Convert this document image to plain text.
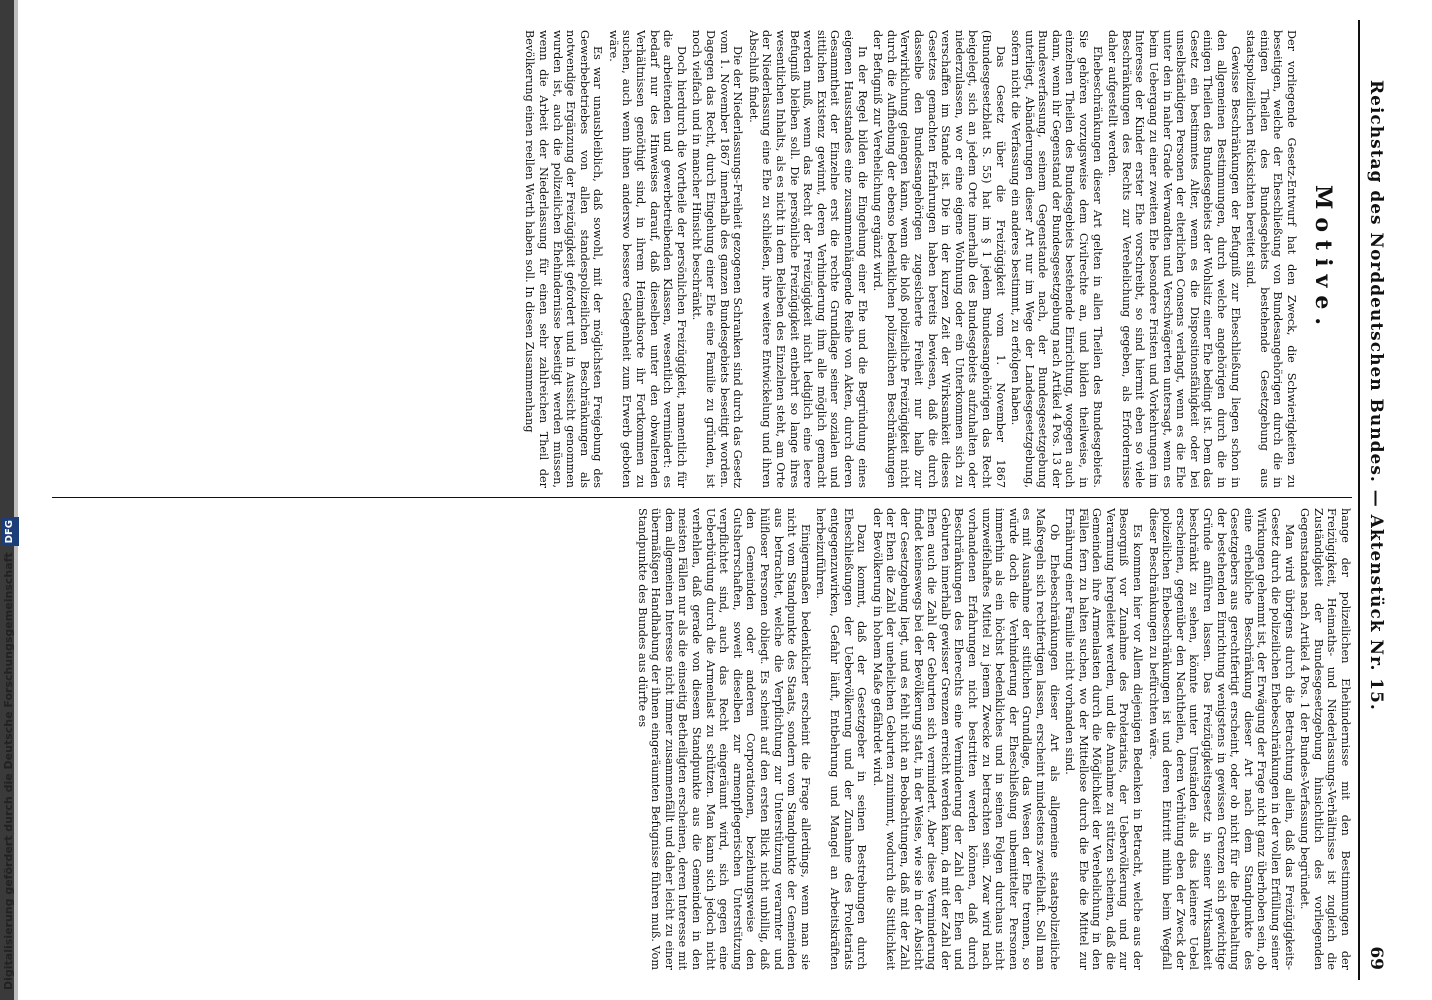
Digitalisierung gefördert durch die Deutsche ForschungsgemeinschaftDFG	Reichstag des Norddeutschen Bundes. — Aktenstück Nr. 15.
69
Motive.

Der vorliegende Gesetz-Entwurf hat den Zweck, die Schwierigkeiten zu beseitigen, welche der Eheschließung von Bundesangehörigen durch die in einigen Theilen des Bundesgebiets bestehende Gesetzgebung aus staatspolizeilichen Rücksichten bereitet sind.

Gewisse Beschränkungen der Befugniß zur Eheschließung liegen schon in den allgemeinen Bestimmungen, durch welche angehörigen durch die in einigen Theilen des Bundesgebiets der Wohlsitz einer Ehe bedingt ist. Dem das Gesetz ein bestimmtes Alter, wenn es die Dispositionsfähigkeit oder bei unselbständigen Personen der elterlichen Consens verlangt, wenn es die Ehe unter den in naher Grade Verwandten und Verschwägerten untersagt, wenn es beim Uebergang zu einer zweiten Ehe besondere Fristen und Vorkehrungen im Interesse der Kinder erster Ehe vorschreibt, so sind hiermit eben so viele Beschränkungen des Rechts zur Verehelichung gegeben, als Erfordernisse daher aufgestellt werden.

Ehebeschränkungen dieser Art gelten in allen Theilen des Bundesgebiets. Sie gehören vorzugsweise dem Civilrechte an, und bilden theilweise, in einzelnen Theilen des Bundesgebiets bestehende Einrichtung, wogegen auch dann, wenn ihr Gegenstand der Bundesgesetzgebung nach Artikel 4 Pos. 13 der Bundesverfassung, seinem Gegenstande nach, der Bundesgesetzgebung unterliegt, Abänderungen dieser Art nur im Wege der Landesgesetzgebung, sofern nicht die Verfassung ein anderes bestimmt, zu erfolgen haben.

Das Gesetz über die Freizügigkeit vom 1. November 1867 (Bundesgesetzblatt S. 55) hat im § 1 jedem Bundesangehörigen das Recht beigelegt, sich an jedem Orte innerhalb des Bundesgebiets aufzuhalten oder niederzulassen, wo er eine eigene Wohnung oder ein Unterkommen sich zu verschaffen im Stande ist. Die in der kurzen Zeit der Wirksamkeit dieses Gesetzes gemachten Erfahrungen haben bereits bewiesen, daß die durch dasselbe den Bundesangehörigen zugesicherte Freiheit nur halb zur Verwirklichung gelangen kann, wenn die bloß polizeiliche Freizügigkeit nicht durch die Aufhebung der ebenso bedenklichen polizeilichen Beschränkungen der Befugniß zur Verehelichung ergänzt wird.

In der Regel bilden die Eingehung einer Ehe und die Begründung eines eigenen Hausstandes eine zusammenhängende Reihe von Akten, durch deren Gesammtheit der Einzelne erst die rechte Grundlage seiner sozialen und sittlichen Existenz gewinnt, deren Verhinderung ihm alle möglich gemacht werden muß, wenn das Recht der Freizügigkeit nicht lediglich eine leere Befugniß bleiben soll. Die persönliche Freizügigkeit entbehrt so lange ihres wesentlichen Inhalts, als es nicht in dem Belieben des Einzelnen steht, am Orte der Niederlassung eine Ehe zu schließen, ihre weitere Entwickelung und ihren Abschluß findet.

Die der Niederlassungs-Freiheit gezogenen Schranken sind durch das Gesetz vom 1. November 1867 innerhalb des ganzen Bundesgebiets beseitigt worden. Dagegen das Recht, durch Eingehung einer Ehe eine Familie zu gründen, ist noch vielfach und in mancher Hinsicht beschränkt.

Doch hierdurch die Vortheile der persönlichen Freizügigkeit, namentlich für die arbeitenden und gewerbetreibenden Klassen, wesentlich vermindert: es bedarf nur des Hinweises darauf, daß dieselben unter den obwaltenden Verhältnissen genöthigt sind, in ihrem Heimathsorte ihr Fortkommen zu suchen, auch wenn ihnen anderswo bessere Gelegenheit zum Erwerb geboten wäre.

Es war unausbleiblich, daß sowohl, mit der möglichsten Freigebung des Gewerbebetriebes von allen standespolizeilichen Beschränkungen als notwendige Ergänzung der Freizügigkeit gefordert und in Aussicht genommen wurden ist, auch die polizeilichen Ehehindernisse beseitigt werden müssen, wenn die Arbeit der Niederlassung für einen sehr zahlreichen Theil der Bevölkerung einen reellen Werth haben soll. In diesen Zusammenhang

hange der polizeilichen Ehehindernisse mit den Bestimmungen der Freizügigkeit, Heimaths- und Niederlassungs-Verhältnisse ist zugleich die Zuständigkeit der Bundesgesetzgebung hinsichtlich des vorliegenden Gegenstandes nach Artikel 4 Pos. 1 der Bundes-Verfassung begründet.

Man wird übrigens durch die Betrachtung allein, daß das Freizügigkeits-Gesetz durch die polizeilichen Ehebeschränkungen in der vollen Erfüllung seiner Wirkungen gehemmt ist, der Erwägung der Frage nicht ganz überhoben sein, ob eine erhebliche Beschränkung dieser Art nach dem Standpunkte des Gesetzgebers aus gerechtfertigt erscheint, oder ob nicht für die Beibehaltung der bestehenden Einrichtung wenigstens in gewissen Grenzen sich gewichtige Gründe anführen lassen. Das Freizügigkeitsgesetz in seiner Wirksamkeit beschränkt zu sehen, könnte unter Umständen als das kleinere Uebel erscheinen, gegenüber den Nachtheilen, deren Verhütung eben der Zweck der polizeilichen Ehebeschränkungen ist und deren Eintritt mithin beim Wegfall dieser Beschränkungen zu befürchten wäre.

Es kommen hier vor Allem diejenigen Bedenken in Betracht, welche aus der Besorgniß vor Zunahme des Proletariats, der Uebervölkerung und zur Verarmung hergeleitet werden, und die Annahme zu stützen scheinen, daß die Gemeinden ihre Armenlasten durch die Möglichkeit der Verehelichung in den Fällen fern zu halten suchen, wo der Mittellose durch die Ehe die Mittel zur Ernährung einer Familie nicht vorhanden sind.

Ob Ehebeschränkungen dieser Art als allgemeine staatspolizeiliche Maßregeln sich rechtfertigen lassen, erscheint mindestens zweifelhaft. Soll man es mit Ausnahme der sittlichen Grundlage, das Wesen der Ehe trennen, so würde doch die Verhinderung der Eheschließung unbemittelter Personen immerhin als ein höchst bedenkliches und in seinen Folgen durchaus nicht unzweifelhaftes Mittel zu jenem Zwecke zu betrachten sein. Zwar wird nach vorhandenen Erfahrungen nicht bestritten werden können, daß durch Beschränkungen des Eherechts eine Verminderung der Zahl der Ehen und Geburten innerhalb gewisser Grenzen erreicht werden kann, da mit der Zahl der Ehen auch die Zahl der Geburten sich vermindert. Aber diese Verminderung findet keineswegs bei der Bevölkerung statt, in der Weise, wie sie in der Absicht der Gesetzgebung liegt, und es fehlt nicht an Beobachtungen, daß mit der Zahl der Ehen die Zahl der unehelichen Geburten zunimmt, wodurch die Sittlichkeit der Bevölkerung in hohem Maße gefährdet wird.

Dazu kommt, daß der Gesetzgeber in seinen Bestrebungen durch Eheschließungen der Uebervölkerung und der Zunahme des Proletariats entgegenzuwirken, Gefahr läuft, Entbehrung und Mangel an Arbeitskräften herbeizuführen.

Einigermaßen bedenklicher erscheint die Frage allerdings, wenn man sie nicht vom Standpunkte des Staats, sondern vom Standpunkte der Gemeinden aus betrachtet, welche die Verpflichtung zur Unterstützung verarmter und hülfloser Personen obliegt. Es scheint auf den ersten Blick nicht unbillig, daß den Gemeinden oder anderen Corporationen, beziehungsweise den Gutsherrschaften, soweit dieselben zur armenpflegerischen Unterstützung verpflichtet sind, auch das Recht eingeräumt wird, sich gegen eine Ueberbürdung durch die Armenlast zu schützen. Man kann sich jedoch nicht verhehlen, daß gerade von diesem Standpunkte aus die Gemeinden in den meisten Fällen nur als die einseitig Betheiligten erscheinen, deren Interesse mit dem allgemeinen Interesse nicht immer zusammenfällt und daher leicht zu einer übermäßigen Handhabung der ihnen eingeräumten Befugnisse führen muß. Vom Standpunkte des Bundes aus dürfte es
